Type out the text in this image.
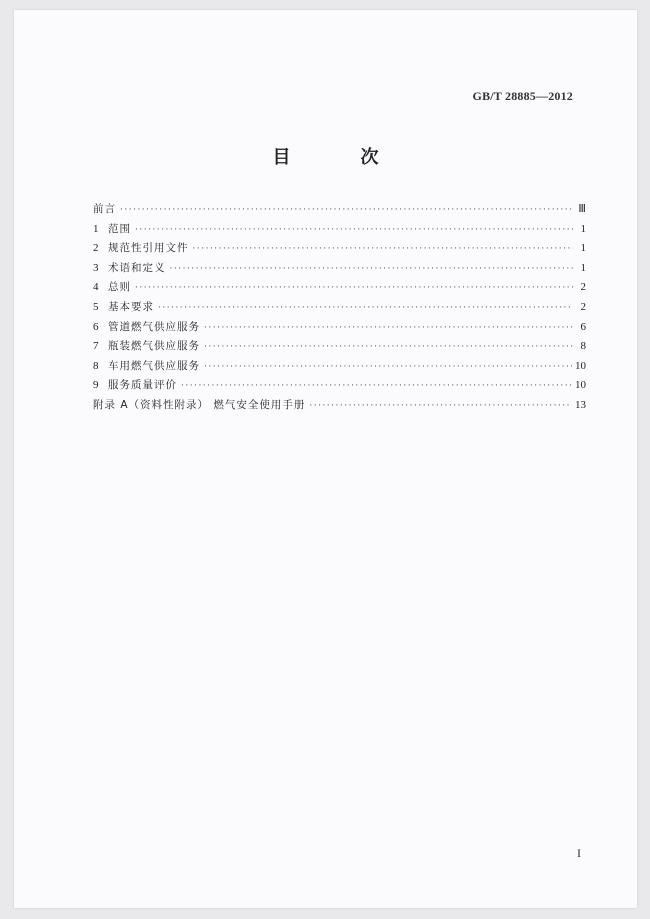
GB/T 28885—2012
目　次
前言 ·····	Ⅲ
1 范围 ·····	1
2 规范性引用文件 ·····	1
3 术语和定义 ·····	1
4 总则 ·····	2
5 基本要求 ·····	2
6 管道燃气供应服务 ·····	6
7 瓶装燃气供应服务 ·····	8
8 车用燃气供应服务 ·····	10
9 服务质量评价 ·····	10
附录 A（资料性附录） 燃气安全使用手册 ·····	13
I
